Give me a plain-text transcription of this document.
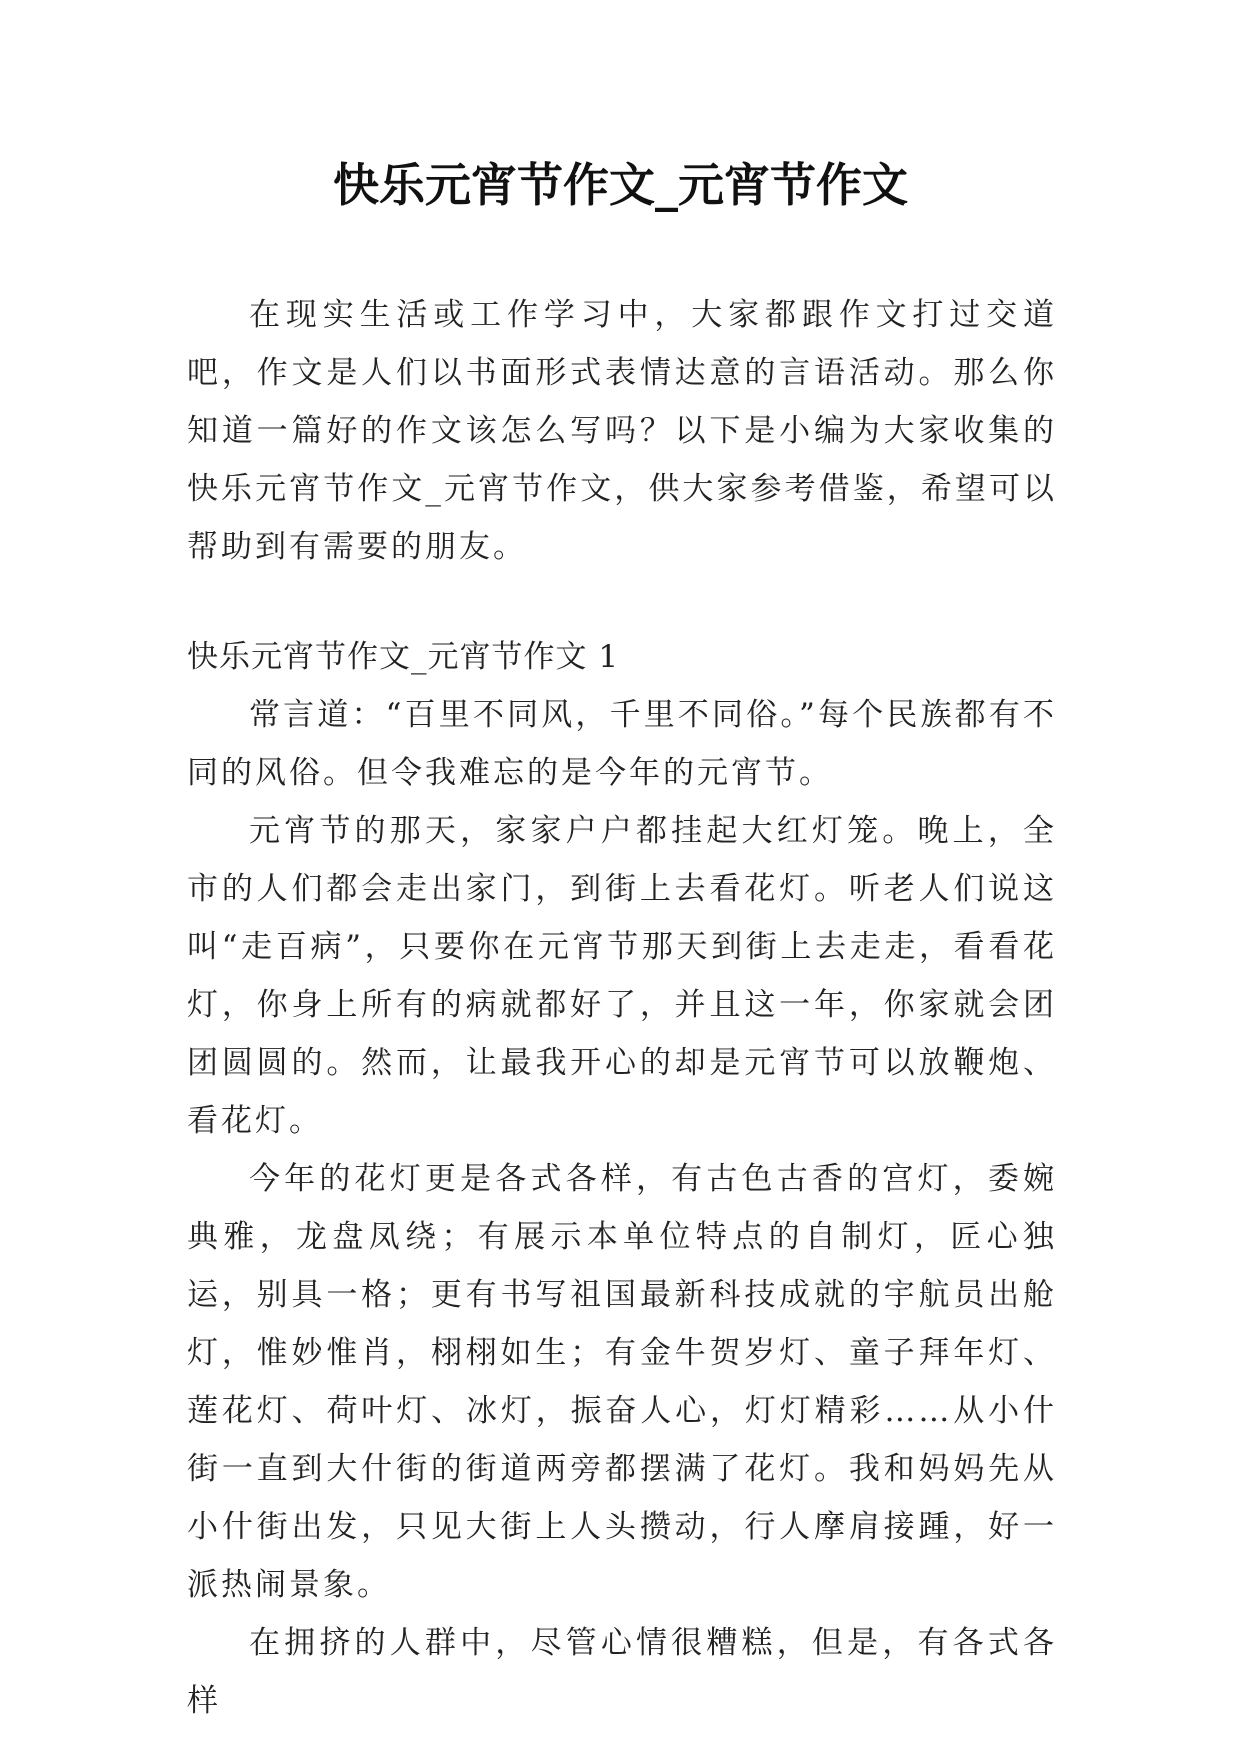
快乐元宵节作文_元宵节作文

在现实生活或工作学习中，大家都跟作文打过交道吧，作文是人们以书面形式表情达意的言语活动。那么你知道一篇好的作文该怎么写吗？以下是小编为大家收集的快乐元宵节作文_元宵节作文，供大家参考借鉴，希望可以帮助到有需要的朋友。

快乐元宵节作文_元宵节作文 1

常言道：“百里不同风，千里不同俗。”每个民族都有不同的风俗。但令我难忘的是今年的元宵节。

元宵节的那天，家家户户都挂起大红灯笼。晚上，全市的人们都会走出家门，到街上去看花灯。听老人们说这叫“走百病”，只要你在元宵节那天到街上去走走，看看花灯，你身上所有的病就都好了，并且这一年，你家就会团团圆圆的。然而，让最我开心的却是元宵节可以放鞭炮、看花灯。

今年的花灯更是各式各样，有古色古香的宫灯，委婉典雅，龙盘凤绕；有展示本单位特点的自制灯，匠心独运，别具一格；更有书写祖国最新科技成就的宇航员出舱灯，惟妙惟肖，栩栩如生；有金牛贺岁灯、童子拜年灯、莲花灯、荷叶灯、冰灯，振奋人心，灯灯精彩……从小什街一直到大什街的街道两旁都摆满了花灯。我和妈妈先从小什街出发，只见大街上人头攒动，行人摩肩接踵，好一派热闹景象。

在拥挤的人群中，尽管心情很糟糕，但是，有各式各样
